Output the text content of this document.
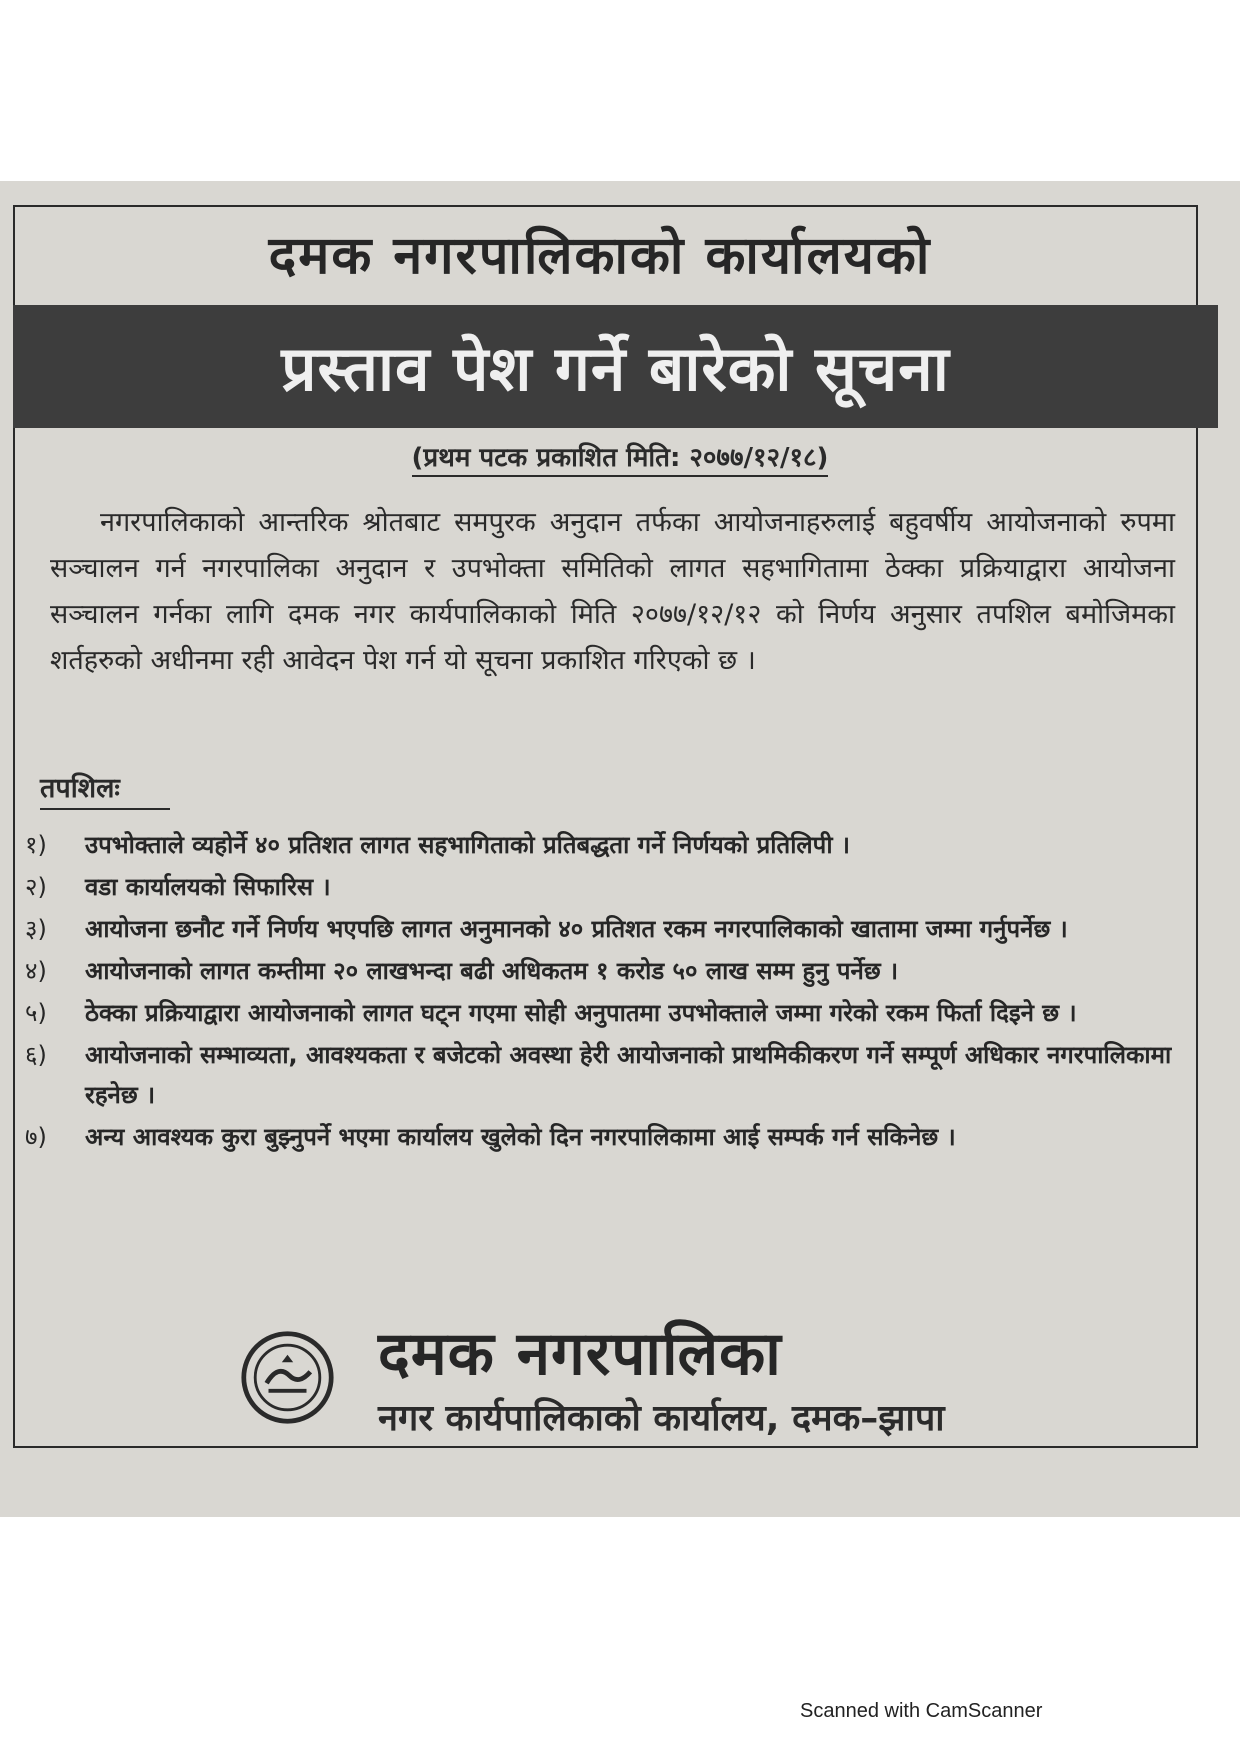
दमक नगरपालिकाको कार्यालयको
प्रस्ताव पेश गर्ने बारेको सूचना
(प्रथम पटक प्रकाशित मिति: २०७७/१२/१८)
नगरपालिकाको आन्तरिक श्रोतबाट समपुरक अनुदान तर्फका आयोजनाहरुलाई बहुवर्षीय आयोजनाको रुपमा सञ्चालन गर्न नगरपालिका अनुदान र उपभोक्ता समितिको लागत सहभागितामा ठेक्का प्रक्रियाद्वारा आयोजना सञ्चालन गर्नका लागि दमक नगर कार्यपालिकाको मिति २०७७/१२/१२ को निर्णय अनुसार तपशिल बमोजिमका शर्तहरुको अधीनमा रही आवेदन पेश गर्न यो सूचना प्रकाशित गरिएको छ ।
तपशिलः
१)	उपभोक्ताले व्यहोर्ने ४० प्रतिशत लागत सहभागिताको प्रतिबद्धता गर्ने निर्णयको प्रतिलिपी ।
२)	वडा कार्यालयको सिफारिस ।
३)	आयोजना छनौट गर्ने निर्णय भएपछि लागत अनुमानको ४० प्रतिशत रकम नगरपालिकाको खातामा जम्मा गर्नुपर्नेछ ।
४)	आयोजनाको लागत कम्तीमा २० लाखभन्दा बढी अधिकतम १ करोड ५० लाख सम्म हुनु पर्नेछ ।
५)	ठेक्का प्रक्रियाद्वारा आयोजनाको लागत घट्न गएमा सोही अनुपातमा उपभोक्ताले जम्मा गरेको रकम फिर्ता दिइने छ ।
६)	आयोजनाको सम्भाव्यता, आवश्यकता र बजेटको अवस्था हेरी आयोजनाको प्राथमिकीकरण गर्ने सम्पूर्ण अधिकार नगरपालिकामा रहनेछ ।
७)	अन्य आवश्यक कुरा बुझ्नुपर्ने भएमा कार्यालय खुलेको दिन नगरपालिकामा आई सम्पर्क गर्न सकिनेछ ।
दमक नगरपालिका
नगर कार्यपालिकाको कार्यालय, दमक–झापा
Scanned with CamScanner
